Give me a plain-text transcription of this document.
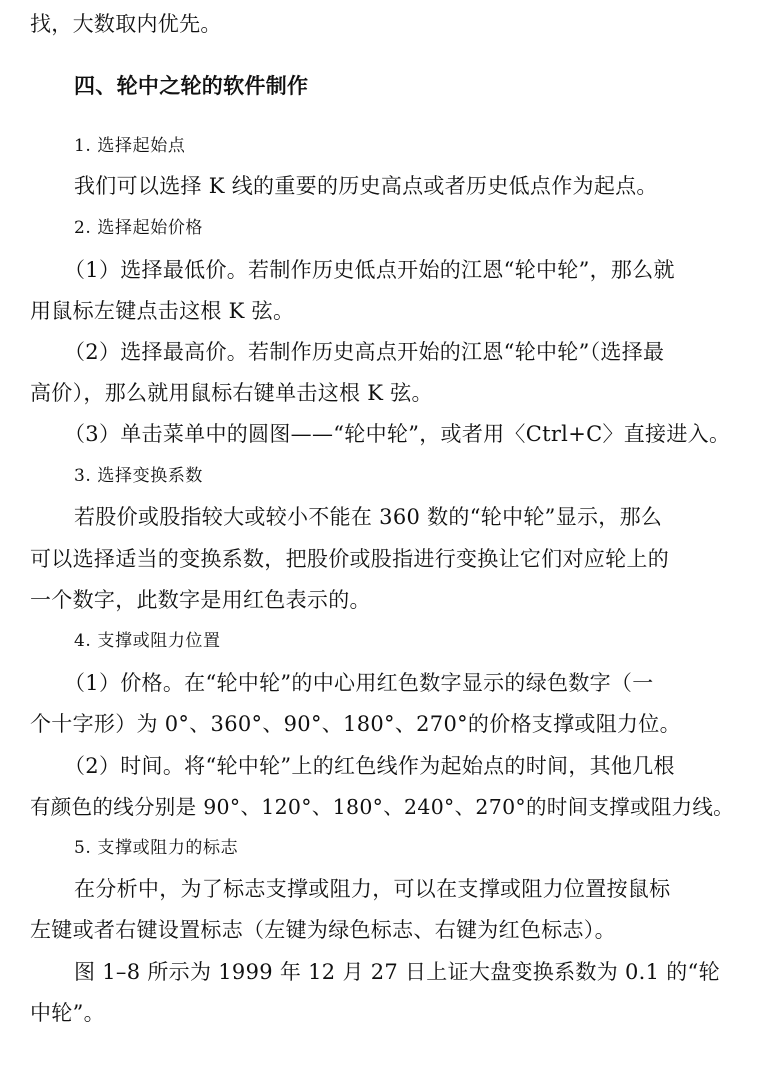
找，大数取内优先。
四、轮中之轮的软件制作
1. 选择起始点
我们可以选择 K 线的重要的历史高点或者历史低点作为起点。
2. 选择起始价格
（1）选择最低价。若制作历史低点开始的江恩“轮中轮”，那么就
用鼠标左键点击这根 K 弦。
（2）选择最高价。若制作历史高点开始的江恩“轮中轮”（选择最
高价），那么就用鼠标右键单击这根 K 弦。
（3）单击菜单中的圆图——“轮中轮”，或者用〈Ctrl+C〉直接进入。
3. 选择变换系数
若股价或股指较大或较小不能在 360 数的“轮中轮”显示，那么
可以选择适当的变换系数，把股价或股指进行变换让它们对应轮上的
一个数字，此数字是用红色表示的。
4. 支撑或阻力位置
（1）价格。在“轮中轮”的中心用红色数字显示的绿色数字（一
个十字形）为 0°、360°、90°、180°、270°的价格支撑或阻力位。
（2）时间。将“轮中轮”上的红色线作为起始点的时间，其他几根
有颜色的线分别是 90°、120°、180°、240°、270°的时间支撑或阻力线。
5. 支撑或阻力的标志
在分析中，为了标志支撑或阻力，可以在支撑或阻力位置按鼠标
左键或者右键设置标志（左键为绿色标志、右键为红色标志）。
图 1–8 所示为 1999 年 12 月 27 日上证大盘变换系数为 0.1 的“轮
中轮”。
